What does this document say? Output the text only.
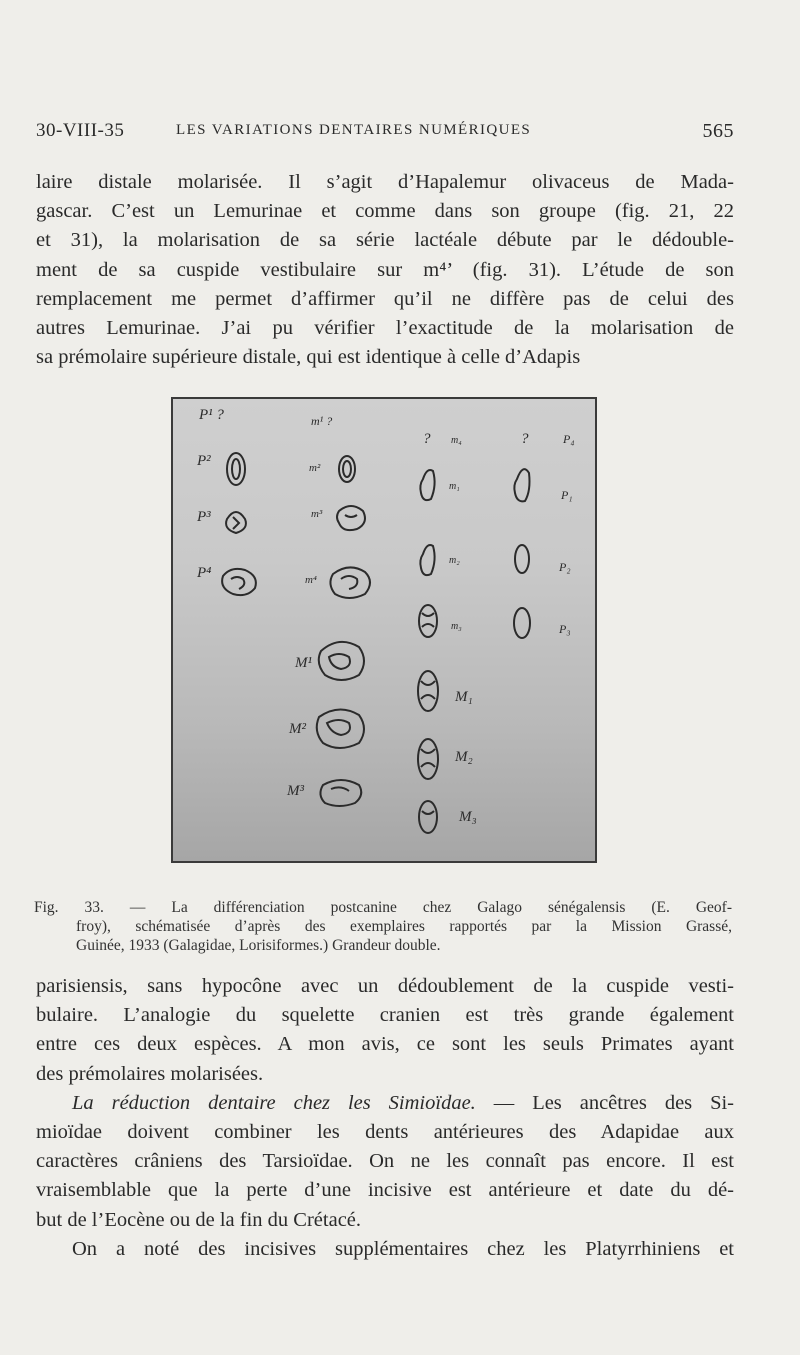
30-VIII-35	LES VARIATIONS DENTAIRES NUMÉRIQUES	565
laire distale molarisée. Il s’agit d’Hapalemur olivaceus de Mada-
gascar. C’est un Lemurinae et comme dans son groupe (fig. 21, 22
et 31), la molarisation de sa série lactéale débute par le dédouble-
ment de sa cuspide vestibulaire sur m⁴’ (fig. 31). L’étude de son
remplacement me permet d’affirmer qu’il ne diffère pas de celui des
autres Lemurinae. J’ai pu vérifier l’exactitude de la molarisation de
sa prémolaire supérieure distale, qui est identique à celle d’Adapis
P¹ ?
P²
P³
P⁴
m¹ ?
m²
m³
m⁴
M¹
M²
M³
?
m₁
m₂
m₃
m₄
M₁
M₂
M₃
?
P₁
P₂
P₃
P₄
Fig. 33. — La différenciation postcanine chez Galago sénégalensis (E. Geof-
froy), schématisée d’après des exemplaires rapportés par la Mission Grassé,
Guinée, 1933 (Galagidae, Lorisiformes.) Grandeur double.
parisiensis, sans hypocône avec un dédoublement de la cuspide vesti-
bulaire. L’analogie du squelette cranien est très grande également
entre ces deux espèces. A mon avis, ce sont les seuls Primates ayant
des prémolaires molarisées.
La réduction dentaire chez les Simioïdae. — Les ancêtres des Si-
mioïdae doivent combiner les dents antérieures des Adapidae aux
caractères crâniens des Tarsioïdae. On ne les connaît pas encore. Il est
vraisemblable que la perte d’une incisive est antérieure et date du dé-
but de l’Eocène ou de la fin du Crétacé.
On a noté des incisives supplémentaires chez les Platyrrhiniens et
